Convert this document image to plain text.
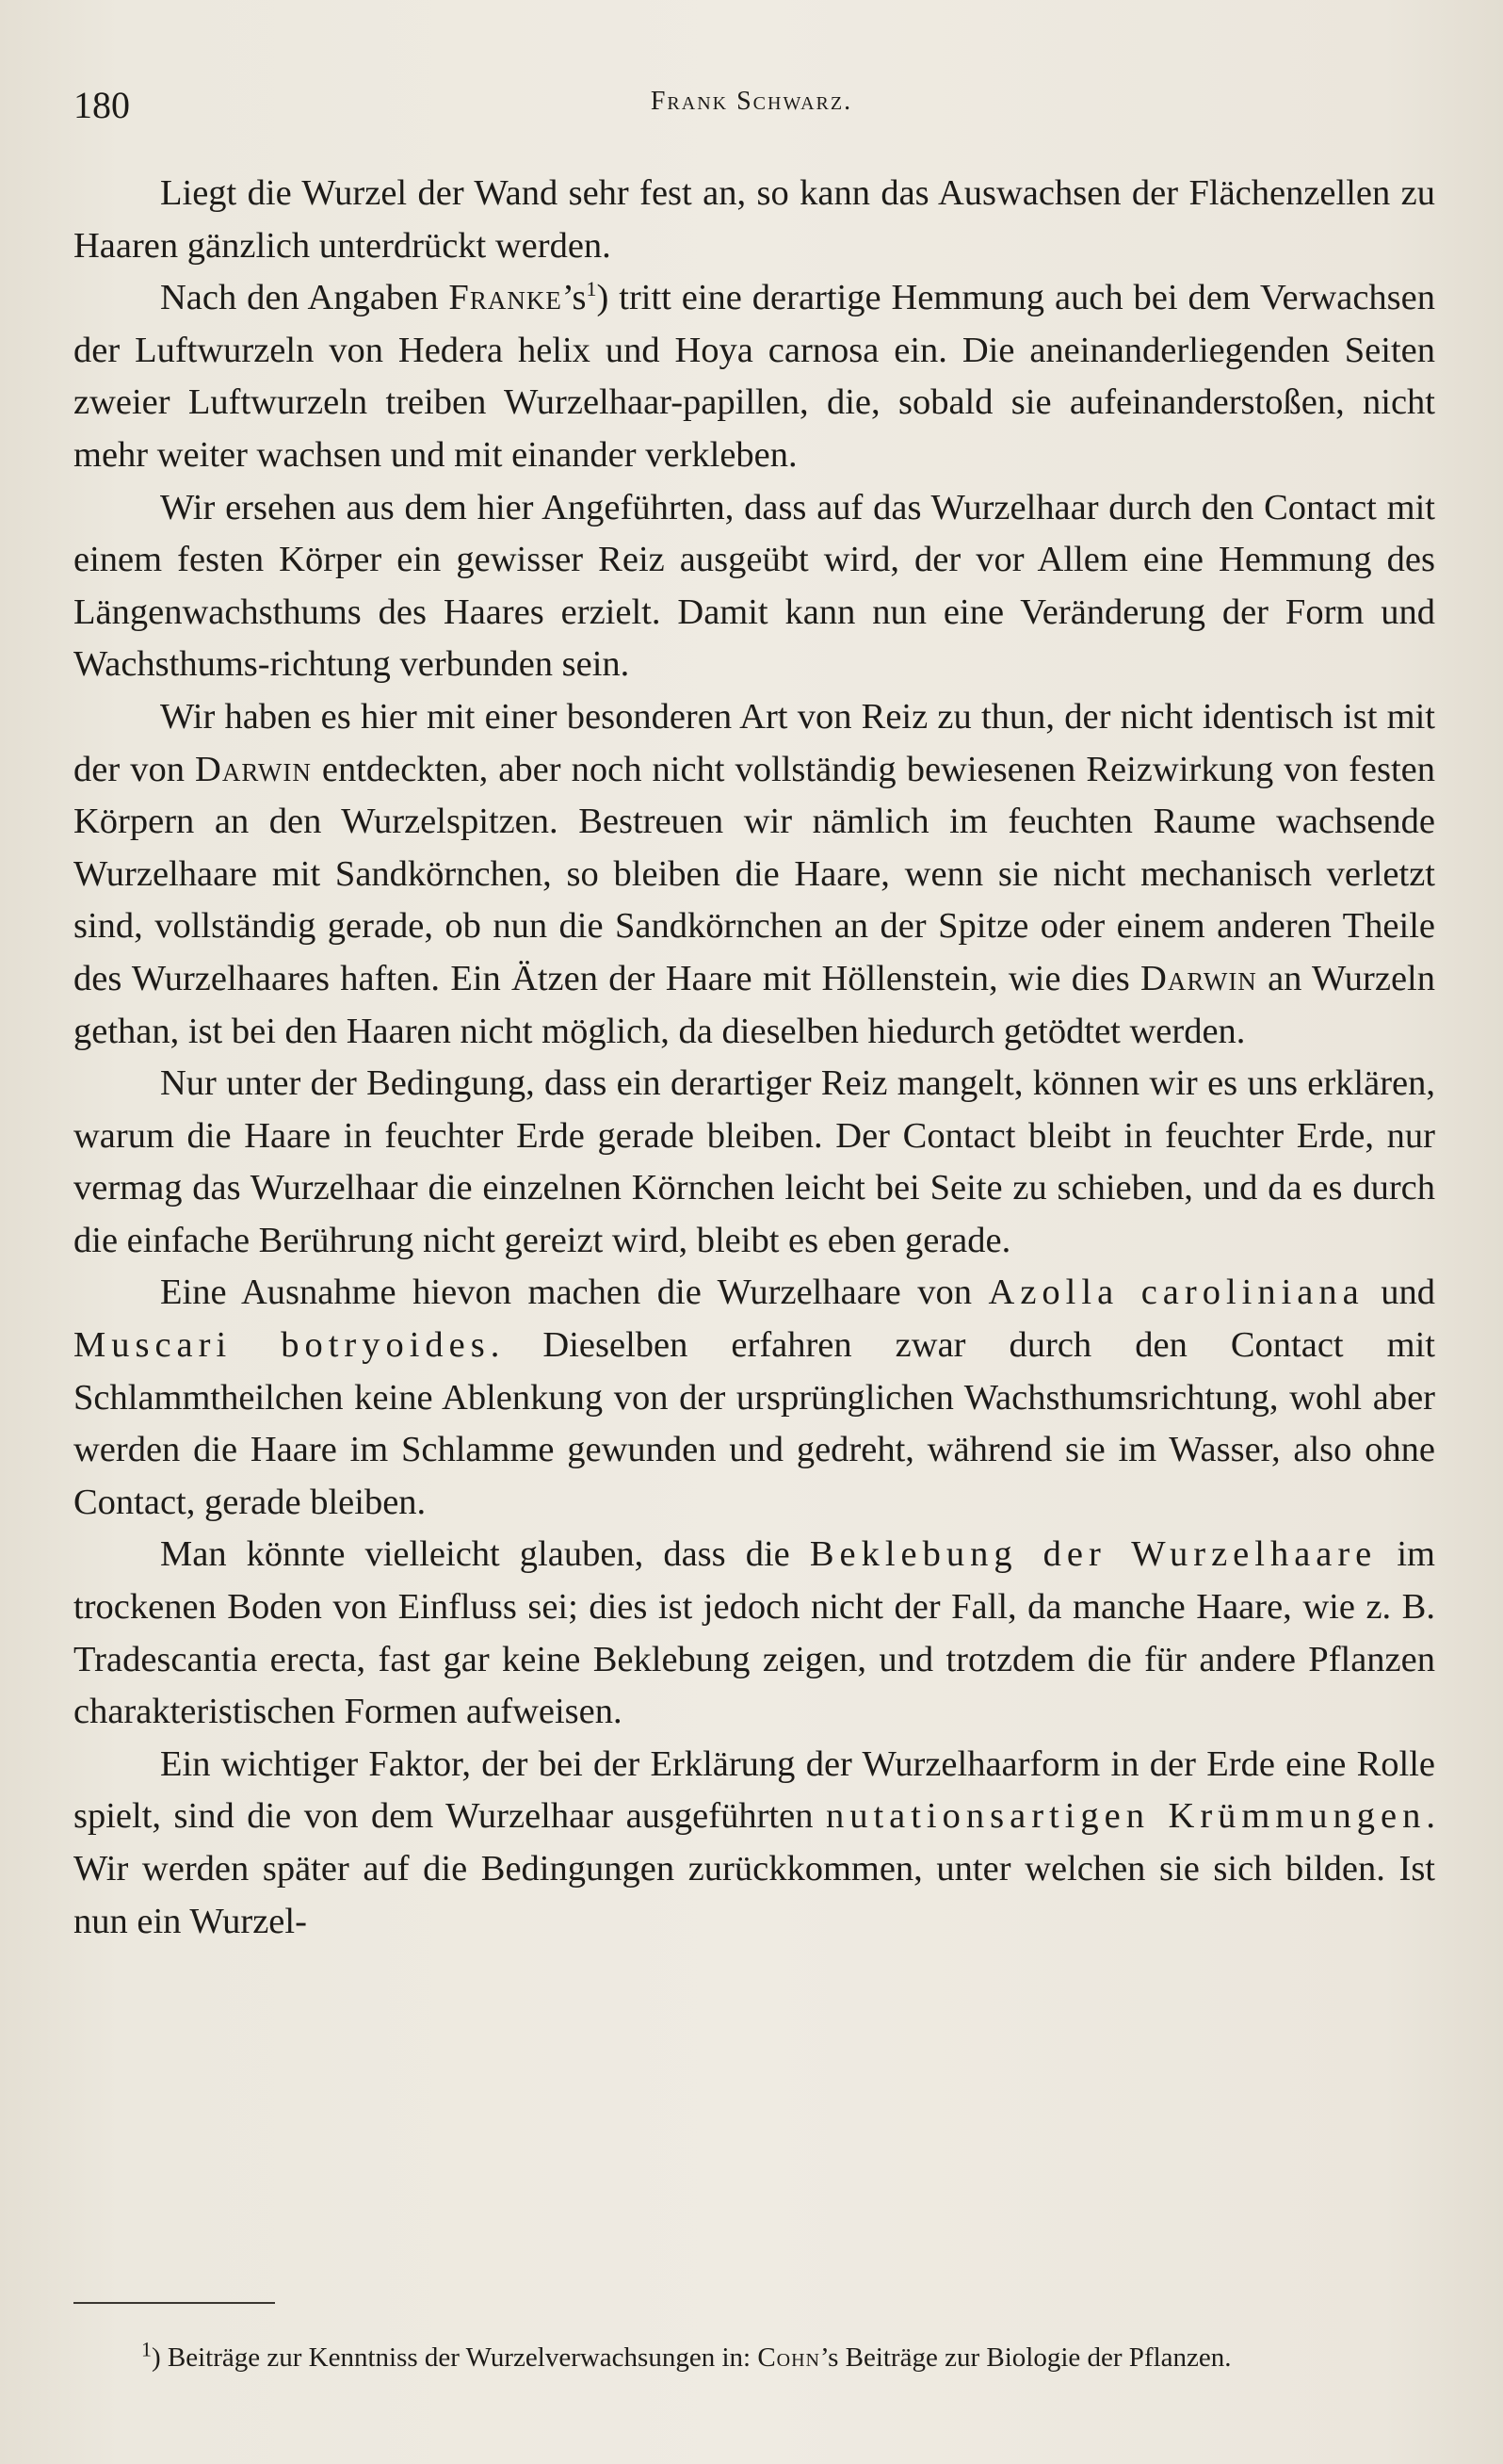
180	Frank Schwarz.

Liegt die Wurzel der Wand sehr fest an, so kann das Auswachsen der Flächenzellen zu Haaren gänzlich unterdrückt werden.

Nach den Angaben $Franke’s^1$) tritt eine derartige Hemmung auch bei dem Verwachsen der Luftwurzeln von Hedera helix und Hoya carnosa ein. Die aneinanderliegenden Seiten zweier Luftwurzeln treiben Wurzelhaar-papillen, die, sobald sie aufeinanderstoßen, nicht mehr weiter wachsen und mit einander verkleben.

Wir ersehen aus dem hier Angeführten, dass auf das Wurzelhaar durch den Contact mit einem festen Körper ein gewisser Reiz ausgeübt wird, der vor Allem eine Hemmung des Längenwachsthums des Haares erzielt. Damit kann nun eine Veränderung der Form und Wachsthums-richtung verbunden sein.

Wir haben es hier mit einer besonderen Art von Reiz zu thun, der nicht identisch ist mit der von Darwin entdeckten, aber noch nicht vollständig bewiesenen Reizwirkung von festen Körpern an den Wurzelspitzen. Bestreuen wir nämlich im feuchten Raume wachsende Wurzelhaare mit Sandkörnchen, so bleiben die Haare, wenn sie nicht mechanisch verletzt sind, vollständig gerade, ob nun die Sandkörnchen an der Spitze oder einem anderen Theile des Wurzelhaares haften. Ein Ätzen der Haare mit Höllenstein, wie dies Darwin an Wurzeln gethan, ist bei den Haaren nicht möglich, da dieselben hiedurch getödtet werden.

Nur unter der Bedingung, dass ein derartiger Reiz mangelt, können wir es uns erklären, warum die Haare in feuchter Erde gerade bleiben. Der Contact bleibt in feuchter Erde, nur vermag das Wurzelhaar die einzelnen Körnchen leicht bei Seite zu schieben, und da es durch die einfache Berührung nicht gereizt wird, bleibt es eben gerade.

Eine Ausnahme hievon machen die Wurzelhaare von Azolla caroliniana und Muscari botryoides. Dieselben erfahren zwar durch den Contact mit Schlammtheilchen keine Ablenkung von der ursprünglichen Wachsthumsrichtung, wohl aber werden die Haare im Schlamme gewunden und gedreht, während sie im Wasser, also ohne Contact, gerade bleiben.

Man könnte vielleicht glauben, dass die Beklebung der Wurzelhaare im trockenen Boden von Einfluss sei; dies ist jedoch nicht der Fall, da manche Haare, wie z. B. Tradescantia erecta, fast gar keine Beklebung zeigen, und trotzdem die für andere Pflanzen charakteristischen Formen aufweisen.

Ein wichtiger Faktor, der bei der Erklärung der Wurzelhaarform in der Erde eine Rolle spielt, sind die von dem Wurzelhaar ausgeführten nutationsartigen Krümmungen. Wir werden später auf die Bedingungen zurückkommen, unter welchen sie sich bilden. Ist nun ein Wurzel-

$^1$) Beiträge zur Kenntniss der Wurzelverwachsungen in: Cohn’s Beiträge zur Biologie der Pflanzen.
